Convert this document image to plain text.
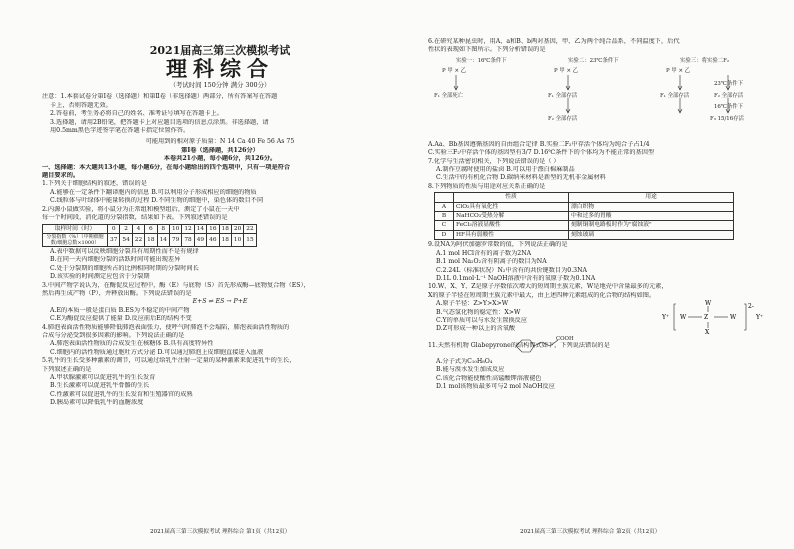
2021届高三第三次模拟考试
理科综合
（考试时间 150分钟 满分 300分）
注意：1.本套试卷分第Ⅰ卷（选择题）和第Ⅱ卷（非选择题）两部分，所有答案写在答题
卡上，否则答题无效。
2.答卷前，考生务必将自己的姓名、准考证号填写在答题卡上。
3.选择题，请用2B铅笔，把答题卡上对应题目选项的信息点涂黑。非选择题，请
用0.5mm黑色字迹签字笔在答题卡指定位置作答。
可能用到的相对原子质量：N 14 Ca 40 Fe 56 As 75
第Ⅰ卷（选择题，共126分）
本卷共21小题，每小题6分，共126分。
一、选择题：本大题共13小题，每小题6分，在每小题给出的四个选项中，只有一项是符合
题目要求的。
1.下列关于细胞结构的叙述，错误的是
A.能够在一定条件下翻译胞内的信息 B.可以利用分子形成相应的细胞的物质
C.线粒体与叶绿体中能量转换的过程 D.不同生物的细胞中，染色体的数目不同
2.内源小鼠做实验，将小鼠分为正常组和模型组后，测定了小鼠在一天中
每一个时间段，消化道的分裂指数，结果如下表。下列叙述错误的是
取样时间（时）	0	2	4	6	8	10	12	14	16	18	20	22
分裂指数（%）（中期细胞数/细胞总数×1000）	37	54	22	18	14	79	78	49	46	18	10	15
A.表中数据可以反映细胞分裂具有周期性而不是有规律
B.在同一天内细胞分裂的活跃时间可能出现差异
C.处于分裂期的细胞所占的比例相同时期的分裂时间长
D.该实验的时间测定应包含于分裂期
3.中间产物学说认为，在酶促反应过程中，酶（E）与底物（S）首先形成酶—底物复合物（ES），
然后再生成产物（P），并释放出酶。下列说法错误的是
E+S ⇌ ES → P+E
A.E的本质一般是蛋白质 B.ES为不稳定的中间产物
C.E为酶促反应提供了能量 D.反应前后E的结构不变
4.肺泡表面活性物质能够降低肺泡表面张力，使呼气时肺泡不会塌陷，肺泡表面活性物质的
合成与分泌受到很多因素的影响。下列说法正确的是
A.肺泡表面活性物质的合成发生在核糖体 B.具有高度特异性
C.细胞内的活性物质通过胞吐方式分泌 D.可以通过肺泡上皮细胞直接进入血液
5.乳牛的生长受多种激素的调节，可以通过给乳牛注射一定量的某种激素来促进乳牛的生长，
下列叙述正确的是
A.甲状腺激素可以促进乳牛的生长发育
B.生长激素可以促进乳牛骨骼的生长
C.性激素可以促进乳牛的生长发育和生殖器官的成熟
D.胰岛素可以降低乳牛的血糖浓度
2021届高三第三次模拟考试 理科综合 第1页（共12页）
6.在研究某种昆虫时，用A、a和B、b两对基因，甲、乙为两个纯合品系，不同温度下，后代
性状的表现如下图所示。下列分析错误的是
实验一：16℃条件下	实验二：23℃条件下	实验三：将实验二F₂
P 甲 × 乙	P 甲 × 乙	P 甲 × 乙
F₁ 全部死亡	F₁ 全部存活	F₁ 全部存活
23℃条件下
F₂ 全部存活
F₂ 全部存活
16℃条件下
F₃ 15/16存活
A.Aa、Bb基因遵循基因的自由组合定律 B.实验二F₂中存活个体均为纯合子占1/4
C.实验三F₂中存活个体的基因型有3/7 D.16℃条件下的个体均为不能正常的基因型
7.化学与生活密切相关，下列说法错误的是（ ）
A.制作豆腐时使用的盐卤 B.可以用于漂白棉麻制品
C.生活中的有机化合物 D.碳纳米材料是新型的无机非金属材料
8.下列物质的性质与用途对应关系正确的是
	性质	用途
A	ClO₂具有氧化性	漂白织物
B	NaHCO₃受热分解	中和过多的胃酸
C	FeCl₃溶液显酸性	刻制铜制电路板时作为"腐蚀液"
D	HF具有弱酸性	刻蚀玻璃
9.设NA为阿伏加德罗常数的值，下列说法正确的是
A.1 mol HCl含有的离子数为2NA
B.1 mol Na₂O₂含有阴离子的数目为NA
C.2.24L（标准状况）N₂中含有的共价键数目为0.3NA
D.1L 0.1mol·L⁻¹ NaOH溶液中含有的氧原子数为0.1NA
10.W、X、Y、Z是原子序数依次增大的短周期主族元素，W是地壳中含量最多的元素，
X的原子半径在短周期主族元素中最大，由上述四种元素组成的化合物的结构如图。
A.原子半径：Z>Y>X>W
B.气态氢化物的稳定性：X>W
C.Y的单质可以与水发生置换反应
D.Z可形成一种以上的含氧酸
Y⁺ W	Z	W
W
X
2-
Y⁺
11.天然有机物 Glabepyrone的结构简式如下，下列说法错误的是
COOH
A.分子式为C₁₀H₈O₄
B.能与溴水发生加成反应
C.该化合物能使酸性高锰酸钾溶液褪色
D.1 mol该物质最多可与2 mol NaOH反应
2021届高三第三次模拟考试 理科综合 第2页（共12页）
